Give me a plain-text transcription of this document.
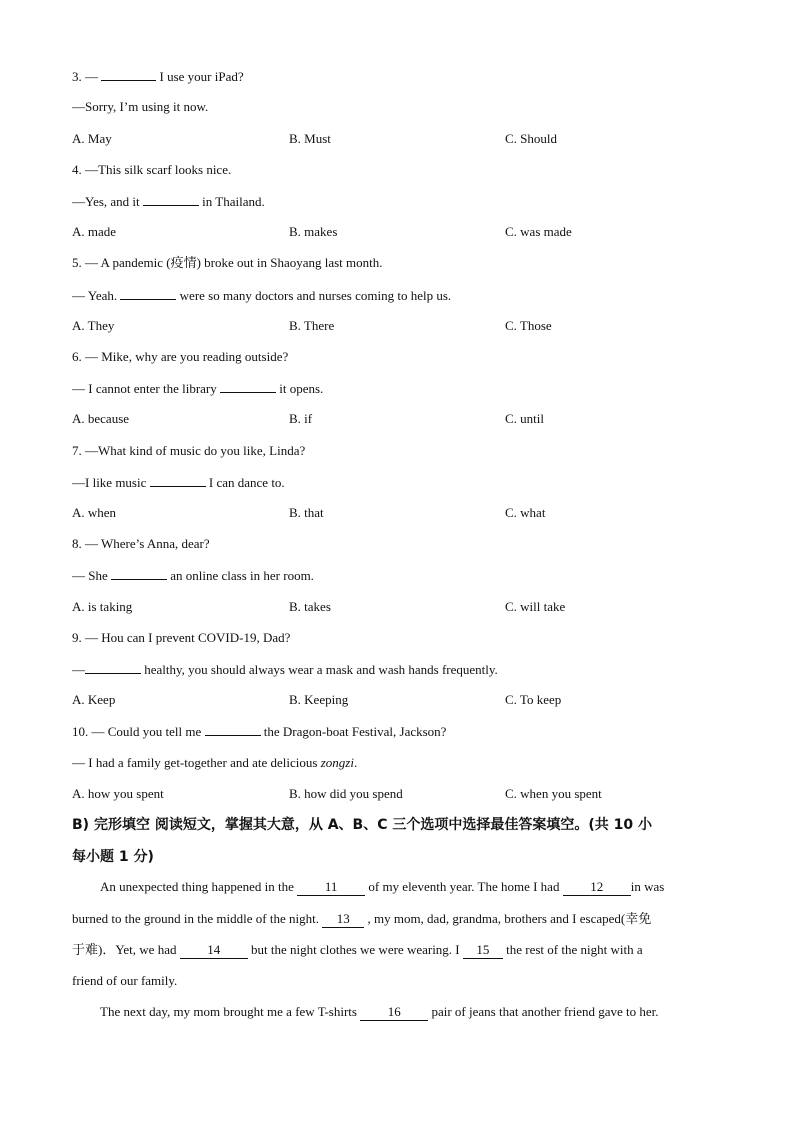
3. —	I use your iPad?
—Sorry, I’m using it now.
A. May	B. Must	C. Should
4. —This silk scarf looks nice.
—Yes, and it	in Thailand.
A. made	B. makes	C. was made
5. — A pandemic (疫情) broke out in Shaoyang last month.
— Yeah.	were so many doctors and nurses coming to help us.
A. They	B. There	C. Those
6. — Mike, why are you reading outside?
— I cannot enter the library	it opens.
A. because	B. if	C. until
7. —What kind of music do you like, Linda?
—I like music	I can dance to.
A. when	B. that	C. what
8. — Where’s Anna, dear?
— She	an online class in her room.
A. is taking	B. takes	C. will take
9. — Hou can I prevent COVID-19, Dad?
—	healthy, you should always wear a mask and wash hands frequently.
A. Keep	B. Keeping	C. To keep
10. — Could you tell me	the Dragon-boat Festival, Jackson?
— I had a family get-together and ate delicious zongzi.
A. how you spent	B. how did you spend	C. when you spent
B) 完形填空 阅读短文，掌握其大意，从 A、B、C 三个选项中选择最佳答案填空。(共 10 小
每小题 1 分)
An unexpected thing happened in the 11 of my eleventh year. The home I had 12 in was
burned to the ground in the middle of the night. 13 , my mom, dad, grandma, brothers and I escaped(幸免
于难)．Yet, we had 14 but the night clothes we were wearing. I 15 the rest of the night with a
friend of our family.
The next day, my mom brought me a few T-shirts 16 pair of jeans that another friend gave to her.
